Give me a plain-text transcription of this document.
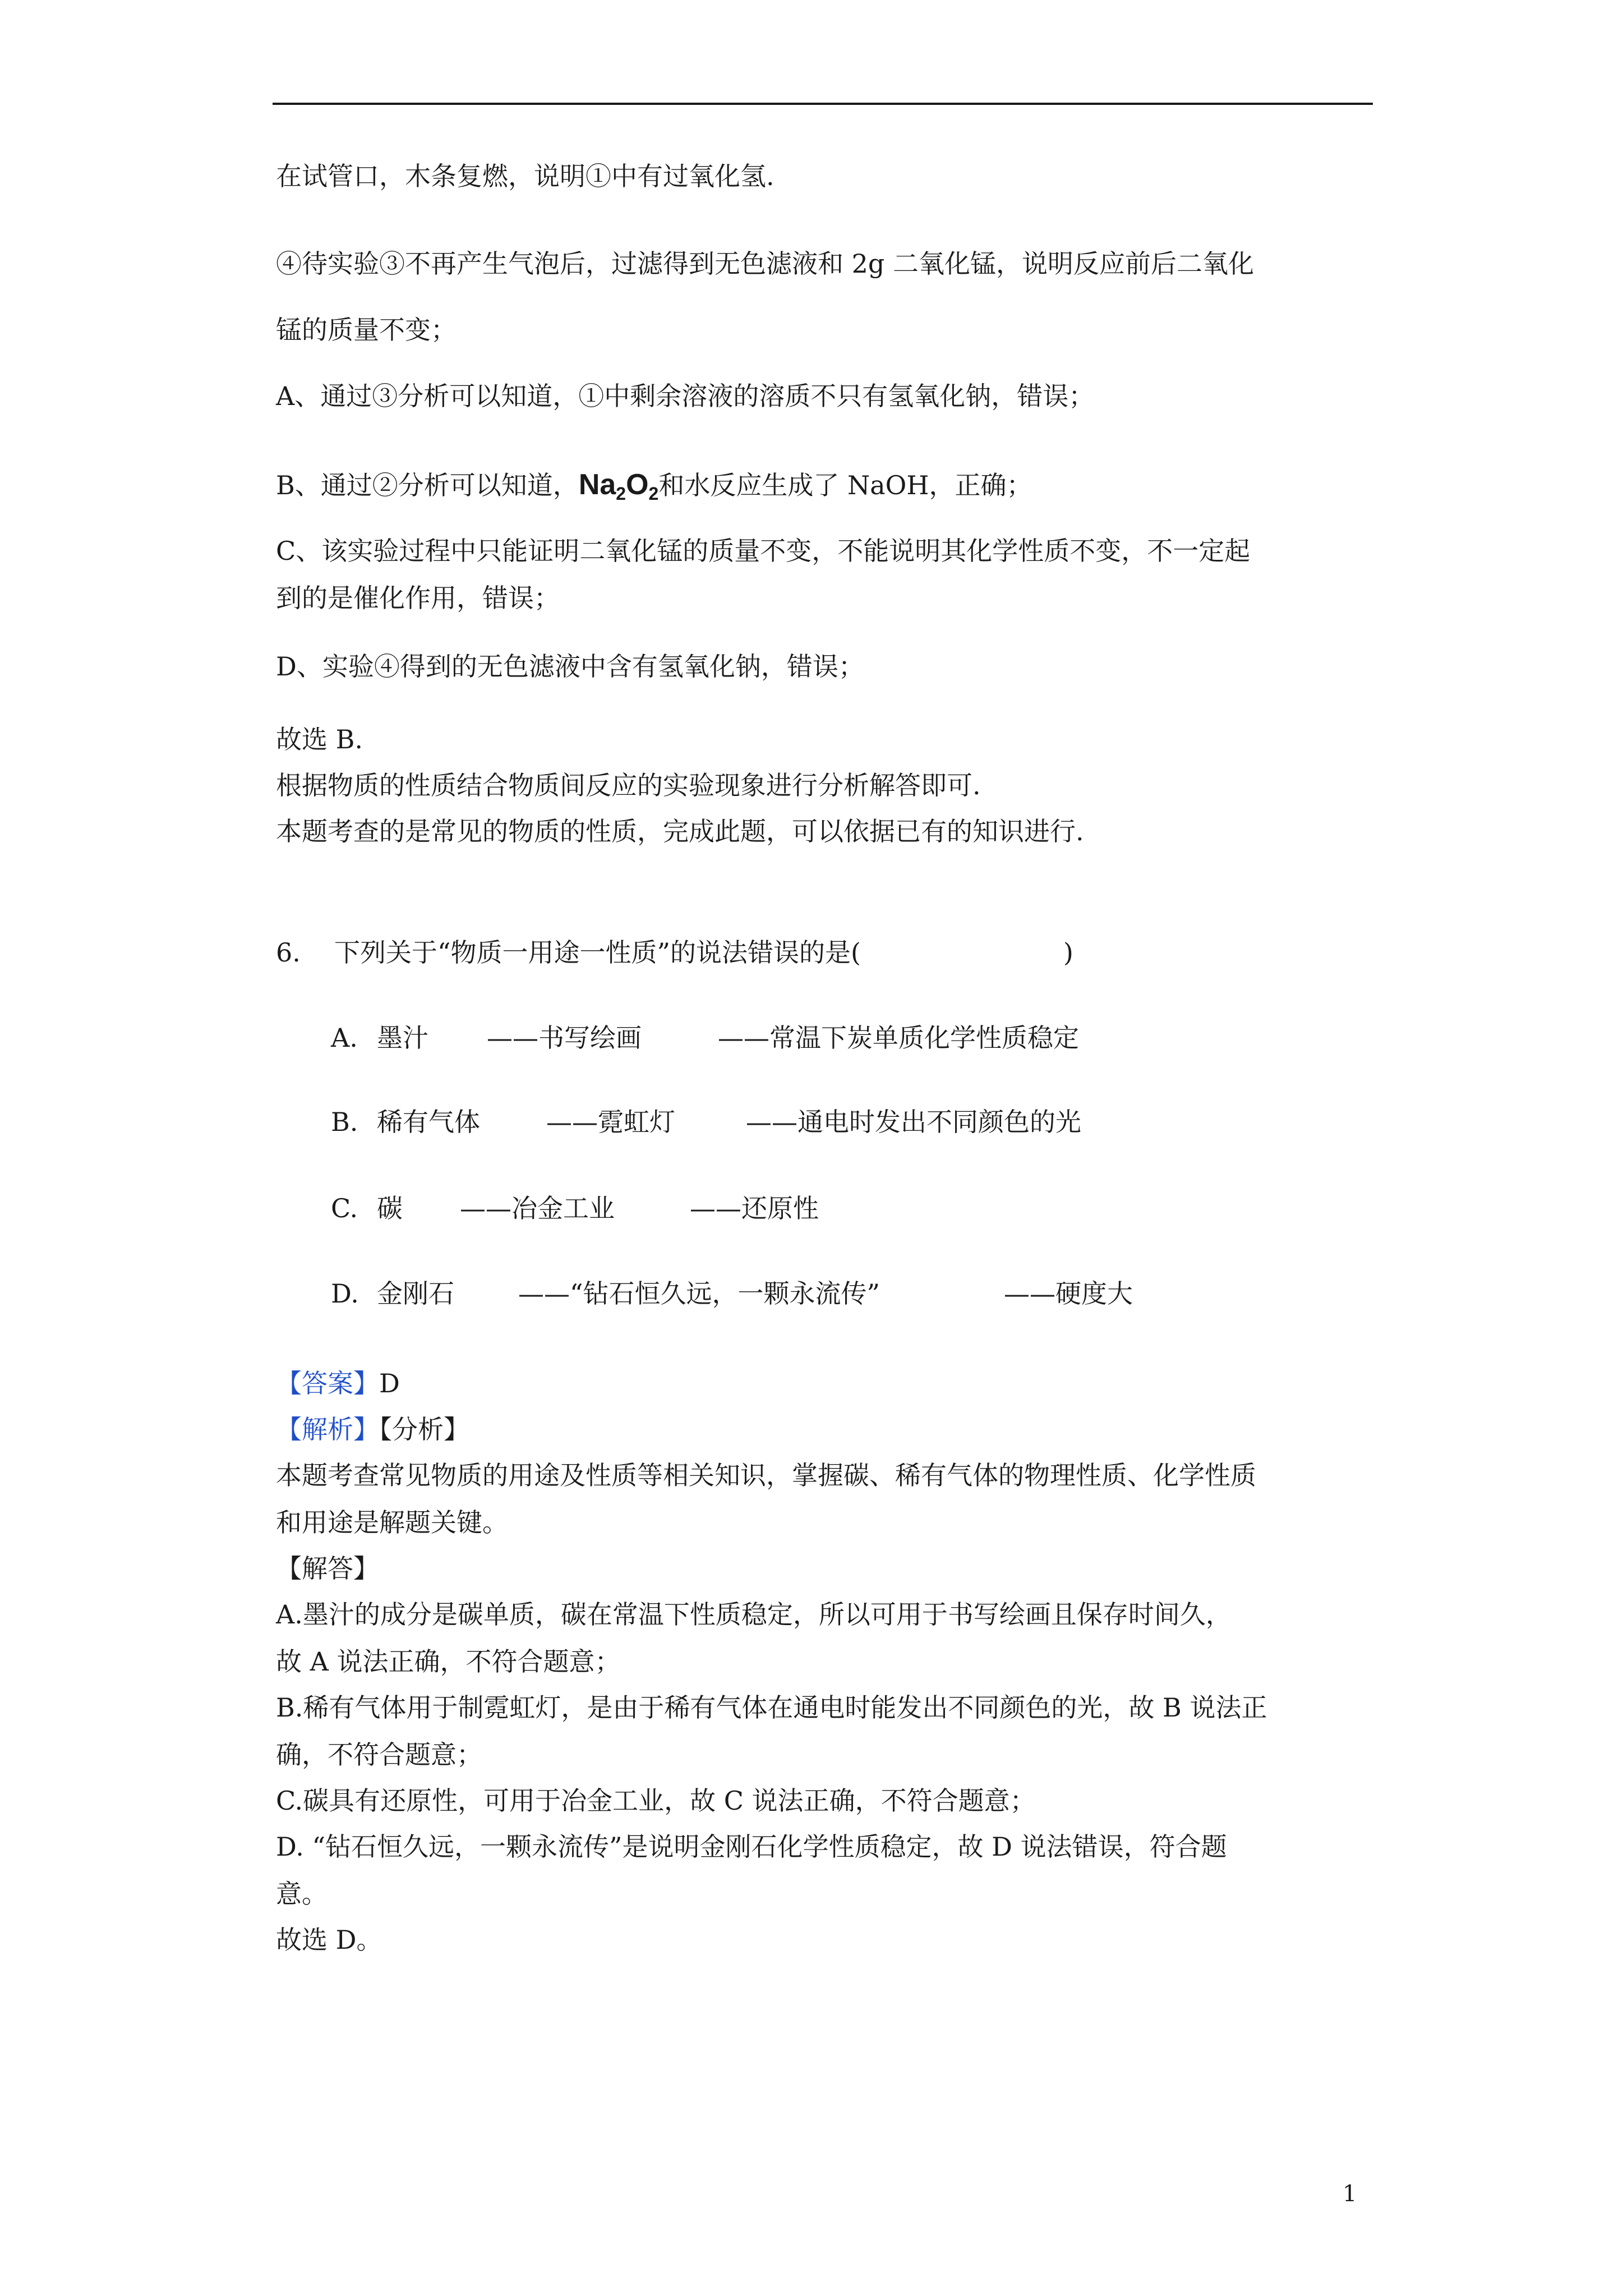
在试管口，木条复燃，说明①中有过氧化氢.
④待实验③不再产生气泡后，过滤得到无色滤液和 2g 二氧化锰，说明反应前后二氧化
锰的质量不变；
A、通过③分析可以知道，①中剩余溶液的溶质不只有氢氧化钠，错误；
B、通过②分析可以知道，$Na_2O_2$和水反应生成了 NaOH，正确；
C、该实验过程中只能证明二氧化锰的质量不变，不能说明其化学性质不变，不一定起
到的是催化作用，错误；
D、实验④得到的无色滤液中含有氢氧化钠，错误；
故选 B.
根据物质的性质结合物质间反应的实验现象进行分析解答即可.
本题考查的是常见的物质的性质，完成此题，可以依据已有的知识进行.
6. 下列关于“物质一用途一性质”的说法错误的是(	)
A. 墨汁 ——书写绘画	——常温下炭单质化学性质稳定
B. 稀有气体	——霓虹灯	——通电时发出不同颜色的光
C. 碳 ——冶金工业	——还原性
D. 金刚石 ——“钻石恒久远，一颗永流传”	——硬度大
【答案】D
【解析】【分析】
本题考查常见物质的用途及性质等相关知识，掌握碳、稀有气体的物理性质、化学性质
和用途是解题关键。
【解答】
A.墨汁的成分是碳单质，碳在常温下性质稳定，所以可用于书写绘画且保存时间久，
故 A 说法正确，不符合题意；
B.稀有气体用于制霓虹灯，是由于稀有气体在通电时能发出不同颜色的光，故 B 说法正
确，不符合题意；
C.碳具有还原性，可用于冶金工业，故 C 说法正确，不符合题意；
D. “钻石恒久远，一颗永流传”是说明金刚石化学性质稳定，故 D 说法错误，符合题
意。
故选 D。
1
